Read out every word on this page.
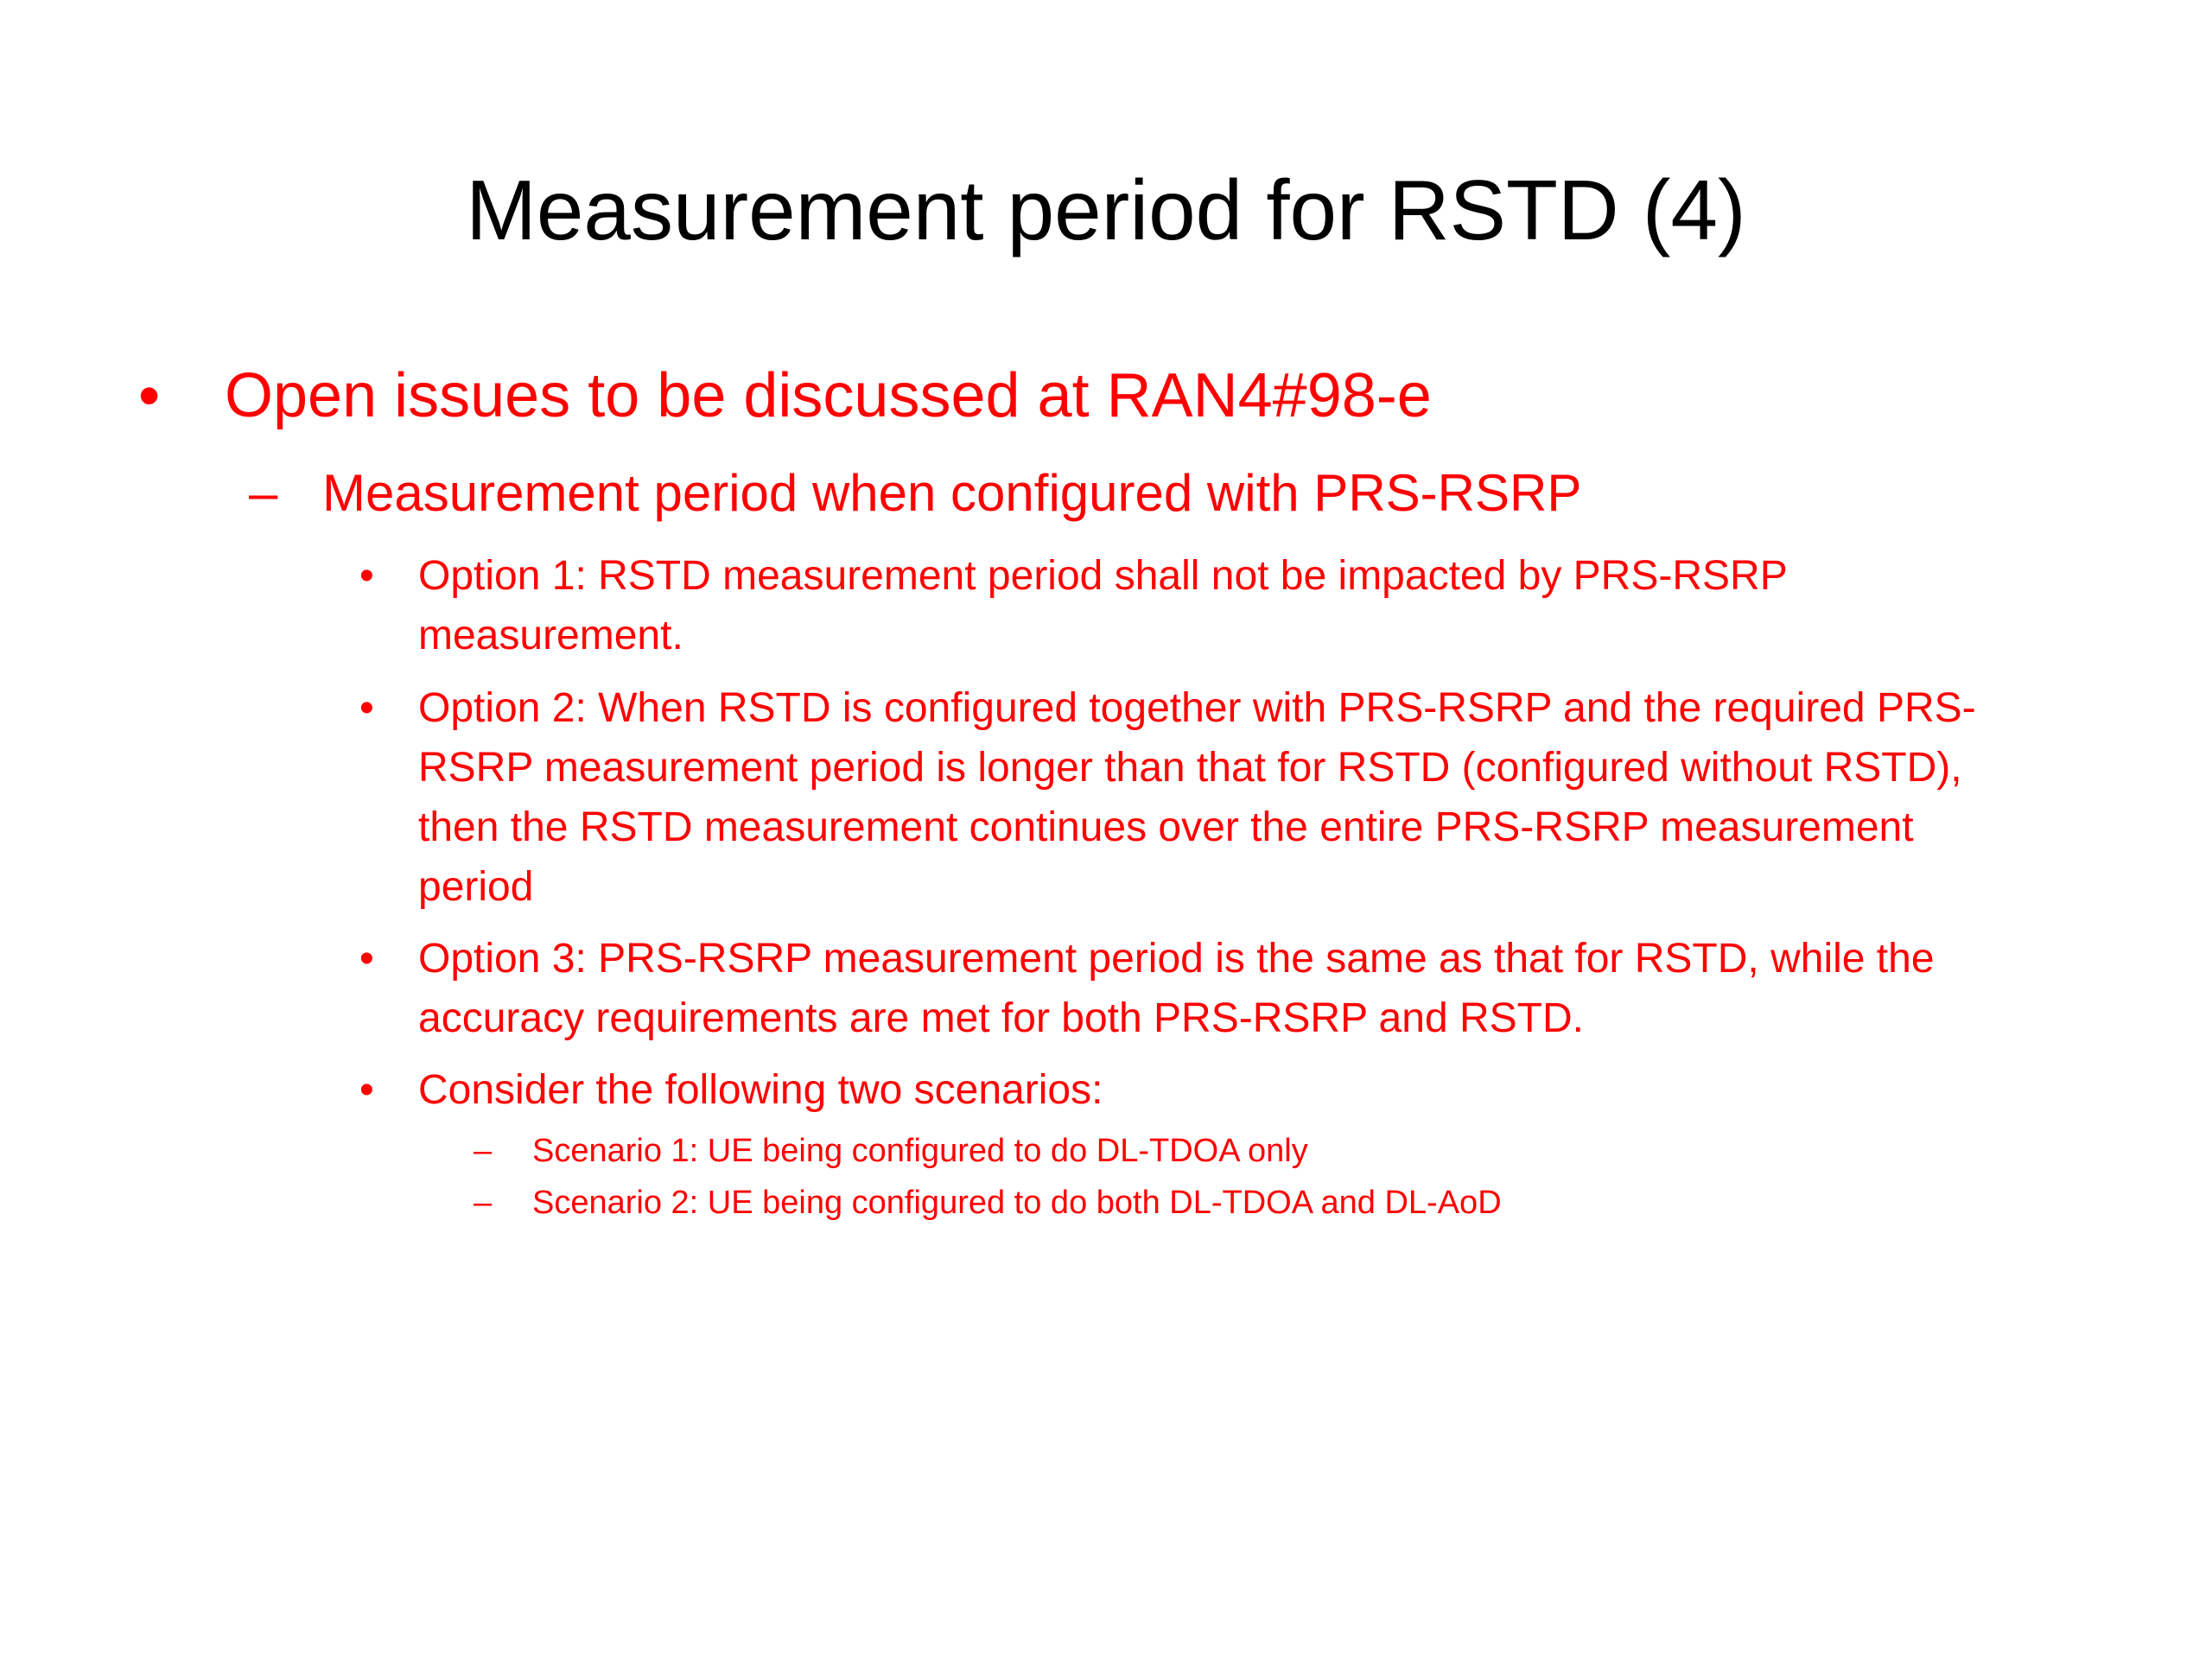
Measurement period for RSTD (4)
• Open issues to be discussed at RAN4#98-e
– Measurement period when configured with PRS-RSRP
• Option 1: RSTD measurement period shall not be impacted by PRS-RSRP
measurement.
• Option 2: When RSTD is configured together with PRS-RSRP and the required PRS-
RSRP measurement period is longer than that for RSTD (configured without RSTD),
then the RSTD measurement continues over the entire PRS-RSRP measurement
period
• Option 3: PRS-RSRP measurement period is the same as that for RSTD, while the
accuracy requirements are met for both PRS-RSRP and RSTD.
• Consider the following two scenarios:
– Scenario 1: UE being configured to do DL-TDOA only
– Scenario 2: UE being configured to do both DL-TDOA and DL-AoD
